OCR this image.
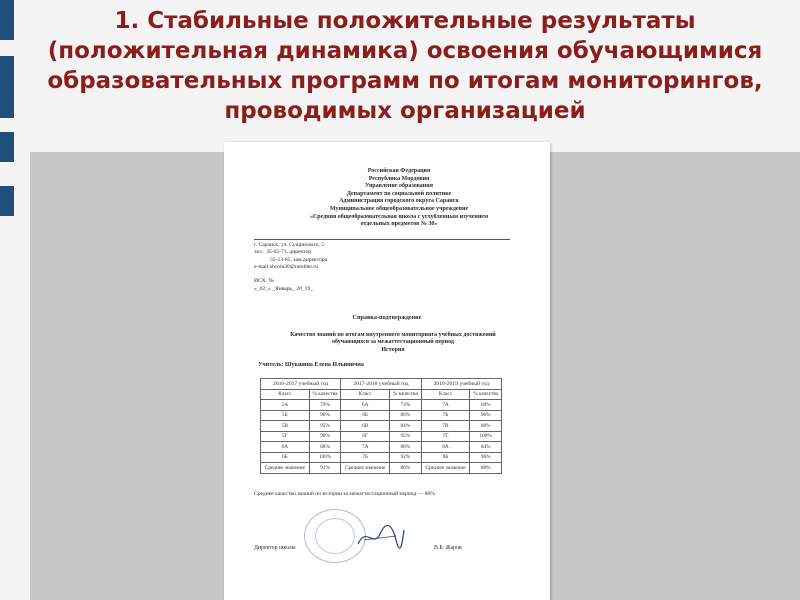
1. Стабильные положительные результаты (положительная динамика) освоения обучающимися образовательных программ по итогам мониторингов, проводимых организацией
Российская Федерация
Республика Мордовия
Управление образования
Департамент по социальной политике
Администрация городского округа Саранск
Муниципальное общеобразовательное учреждение
«Средняя общеобразовательная школа с углубленным изучением
отдельных предметов № 30»
г. Саранск, ул. Сущинского, 5
тел.: 35-65-71, директор
35-13-85, зам.директора
e-mail:shcola30@rambler.ru
ИСХ. №
«_02_» _Январь_ 20_19_
Справка-подтверждение
Качество знаний по итогам внутреннего мониторинга учебных достижений
обучающихся за межаттестационный период
История
Учитель: Шукшина Елена Ильинична
2016-2017 учебный год		2017-2018 учебный год		2018-2019 учебный год	
Класс	% качества	Класс	% качества	Класс	% качества
5А	79%	6А	73%	7А	68%
5Б	96%	6Б	88%	7Б	96%
5В	95%	6В	84%	7В	88%
5Г	90%	6Г	95%	7Г	100%
6А	88%	7А	88%	8А	84%
6Б	100%	7Б	92%	8Б	96%
Среднее значение	91%	Среднее значение	86%	Среднее значение	88%
Среднее качество знаний по истории за межаттестационный период — 88%
Директор школы	В.Б. Жаров
